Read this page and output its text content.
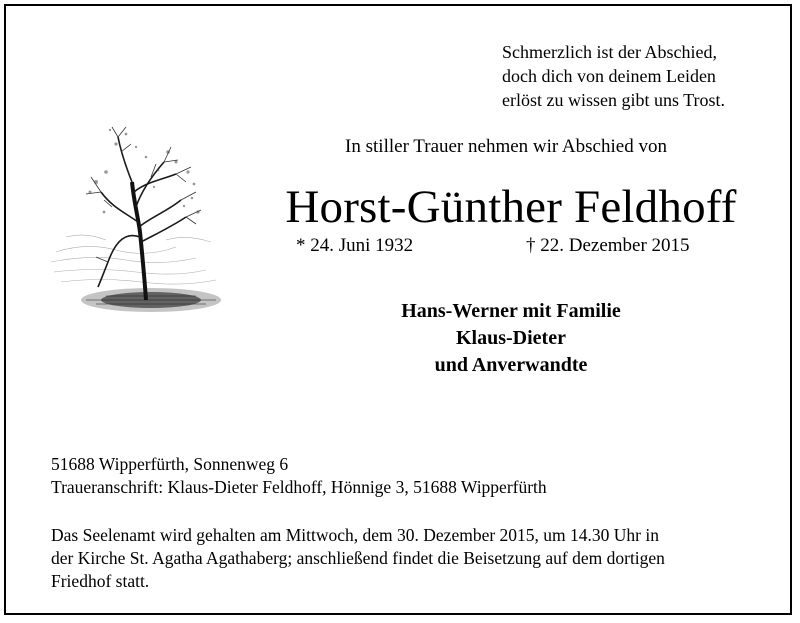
Schmerzlich ist der Abschied,
doch dich von deinem Leiden
erlöst zu wissen gibt uns Trost.
In stiller Trauer nehmen wir Abschied von
Horst-Günther Feldhoff
* 24. Juni 1932	† 22. Dezember 2015
Hans-Werner mit Familie
Klaus-Dieter
und Anverwandte
51688 Wipperfürth, Sonnenweg 6
Traueranschrift: Klaus-Dieter Feldhoff, Hönnige 3, 51688 Wipperfürth
Das Seelenamt wird gehalten am Mittwoch, dem 30. Dezember 2015, um 14.30 Uhr in
der Kirche St. Agatha Agathaberg; anschließend findet die Beisetzung auf dem dortigen
Friedhof statt.
